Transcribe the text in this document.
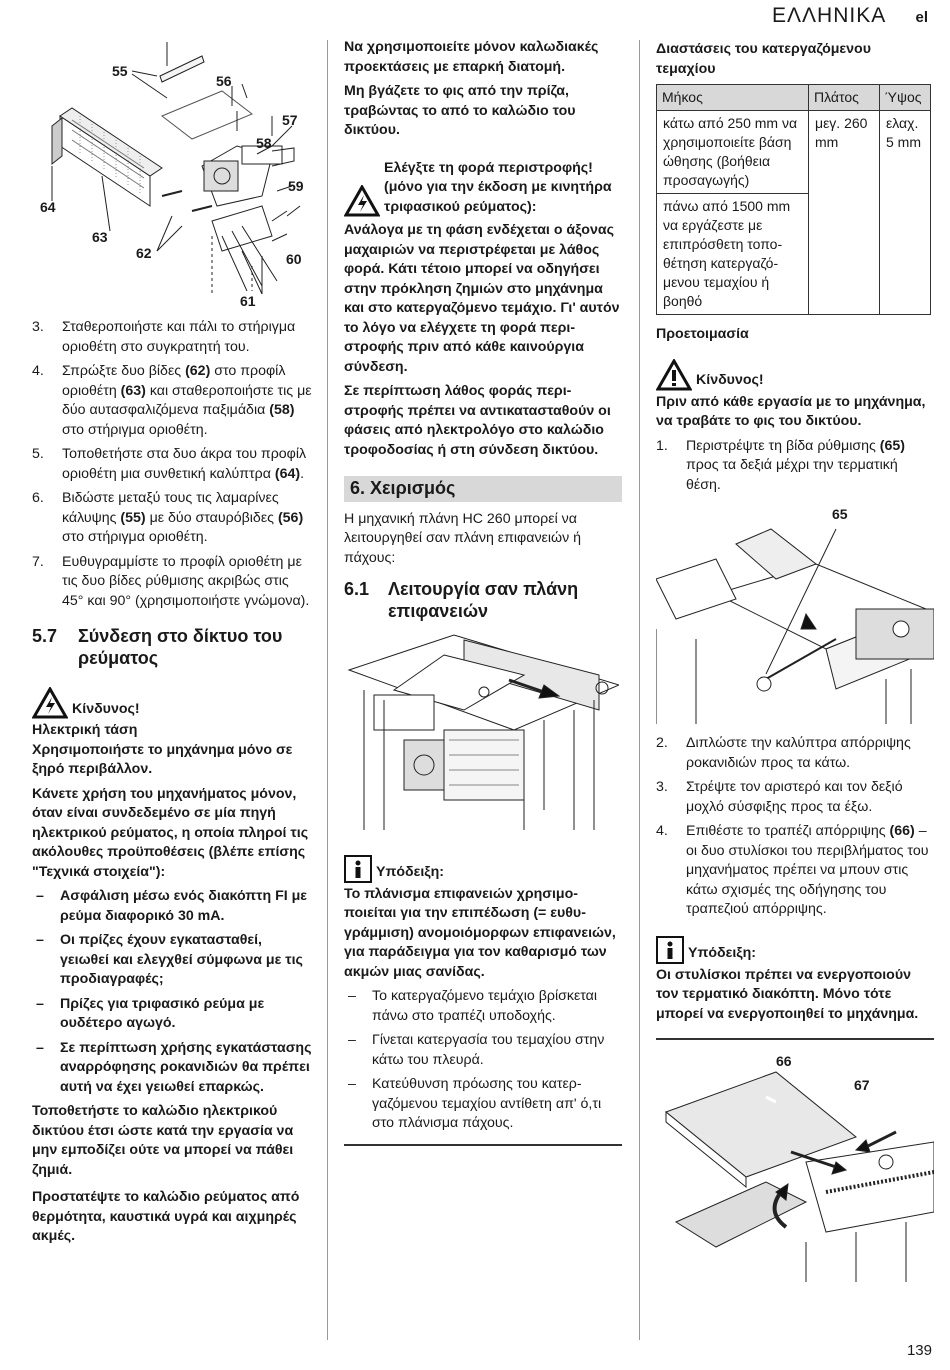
ΕΛΛΗΝΙΚΑ el
139
55
56
57
58
59
60
61
62
63
64
3. Σταθεροποιήστε και πάλι το στήριγμα οριοθέτη στο συγκρατητή του.
4. Σπρώξτε δυο βίδες (62) στο προφίλ οριοθέτη (63) και σταθεροποιήστε τις με δύο αυτασφαλιζόμενα παξιμάδια (58) στο στήριγμα οριοθέτη.
5. Τοποθετήστε στα δυο άκρα του προφίλ οριοθέτη μια συνθετική καλύπτρα (64).
6. Βιδώστε μεταξύ τους τις λαμαρίνες κάλυψης (55) με δύο σταυρόβιδες (56) στο στήριγμα οριοθέτη.
7. Ευθυγραμμίστε το προφίλ οριοθέτη με τις δυο βίδες ρύθμισης ακριβώς στις 45° και 90° (χρησιμοποιήστε γνώμονα).
5.7	Σύνδεση στο δίκτυο του ρεύματος
Κίνδυνος!

Ηλεκτρική τάση

Χρησιμοποιήστε το μηχάνημα μόνο σε ξηρό περιβάλλον.

Κάνετε χρήση του μηχανήματος μόνον, όταν είναι συνδεδεμένο σε μία πηγή ηλεκτρικού ρεύματος, η οποία πληροί τις ακόλουθες προϋποθέσεις (βλέπε επίσης "Τεχνικά στοιχεία"):

– Ασφάλιση μέσω ενός διακόπτη FI με ρεύμα διαφορικό 30 mA.
– Οι πρίζες έχουν εγκατασταθεί, γειωθεί και ελεγχθεί σύμφωνα με τις προδιαγραφές;
– Πρίζες για τριφασικό ρεύμα με ουδέτερο αγωγό.
– Σε περίπτωση χρήσης εγκατάστασης αναρρόφησης ροκανιδιών θα πρέπει αυτή να έχει γειωθεί επαρκώς.

Τοποθετήστε το καλώδιο ηλεκτρικού δικτύου έτσι ώστε κατά την εργασία να μην εμποδίζει ούτε να μπορεί να πάθει ζημιά.

Προστατέψτε το καλώδιο ρεύματος από θερμότητα, καυστικά υγρά και αιχμηρές ακμές.

Να χρησιμοποιείτε μόνον καλωδιακές προεκτάσεις με επαρκή διατομή.

Μη βγάζετε το φις από την πρίζα, τραβώντας το από το καλώδιο του δικτύου.

Ελέγξτε τη φορά περιστροφής! (μόνο για την έκδοση με κινητήρα τριφασικού ρεύματος):

Ανάλογα με τη φάση ενδέχεται ο άξονας μαχαιριών να περιστρέφεται με λάθος φορά. Κάτι τέτοιο μπορεί να οδηγήσει στην πρόκληση ζημιών στο μηχάνημα και στο κατεργαζόμενο τεμάχιο. Γι' αυτόν το λόγο να ελέγχετε τη φορά περιστροφής πριν από κάθε καινούργια σύνδεση.

Σε περίπτωση λάθος φοράς περιστροφής πρέπει να αντικατασταθούν οι φάσεις από ηλεκτρολόγο στο καλώδιο τροφοδοσίας ή στη σύνδεση δικτύου.

6. Χειρισμός

Η μηχανική πλάνη HC 260 μπορεί να λειτουργηθεί σαν πλάνη επιφανειών ή πάχους:

6.1	Λειτουργία σαν πλάνη επιφανειών
Υπόδειξη:

Το πλάνισμα επιφανειών χρησιμοποιείται για την επιπέδωση (= ευθυγράμμιση) ανομοιόμορφων επιφανειών, για παράδειγμα για τον καθαρισμό των ακμών μιας σανίδας.

– Το κατεργαζόμενο τεμάχιο βρίσκεται πάνω στο τραπέζι υποδοχής.
– Γίνεται κατεργασία του τεμαχίου στην κάτω του πλευρά.
– Κατεύθυνση πρόωσης του κατεργαζόμενου τεμαχίου αντίθετη απ' ό,τι στο πλάνισμα πάχους.

Διαστάσεις του κατεργαζόμενου τεμαχίου

Μήκος	Πλάτος	Ύψος
κάτω από 250 mm να χρησιμοποιείτε βάση ώθησης (βοήθεια προσαγωγής)	μεγ. 260 mm	ελαχ. 5 mm
πάνω από 1500 mm να εργάζεστε με επιπρόσθετη τοποθέτηση κατεργαζόμενου τεμαχίου ή βοηθό		

Προετοιμασία

Κίνδυνος!

Πριν από κάθε εργασία με το μηχάνημα, να τραβάτε το φις του δικτύου.

1. Περιστρέψτε τη βίδα ρύθμισης (65) προς τα δεξιά μέχρι την τερματική θέση.
65
2. Διπλώστε την καλύπτρα απόρριψης ροκανιδιών προς τα κάτω.
3. Στρέψτε τον αριστερό και τον δεξιό μοχλό σύσφιξης προς τα έξω.
4. Επιθέστε το τραπέζι απόρριψης (66) – οι δυο στυλίσκοι του περιβλήματος του μηχανήματος πρέπει να μπουν στις κάτω σχισμές της οδήγησης του τραπεζιού απόρριψης.
Υπόδειξη:

Οι στυλίσκοι πρέπει να ενεργοποιούν τον τερματικό διακόπτη. Μόνο τότε μπορεί να ενεργοποιηθεί το μηχάνημα.

66
67
